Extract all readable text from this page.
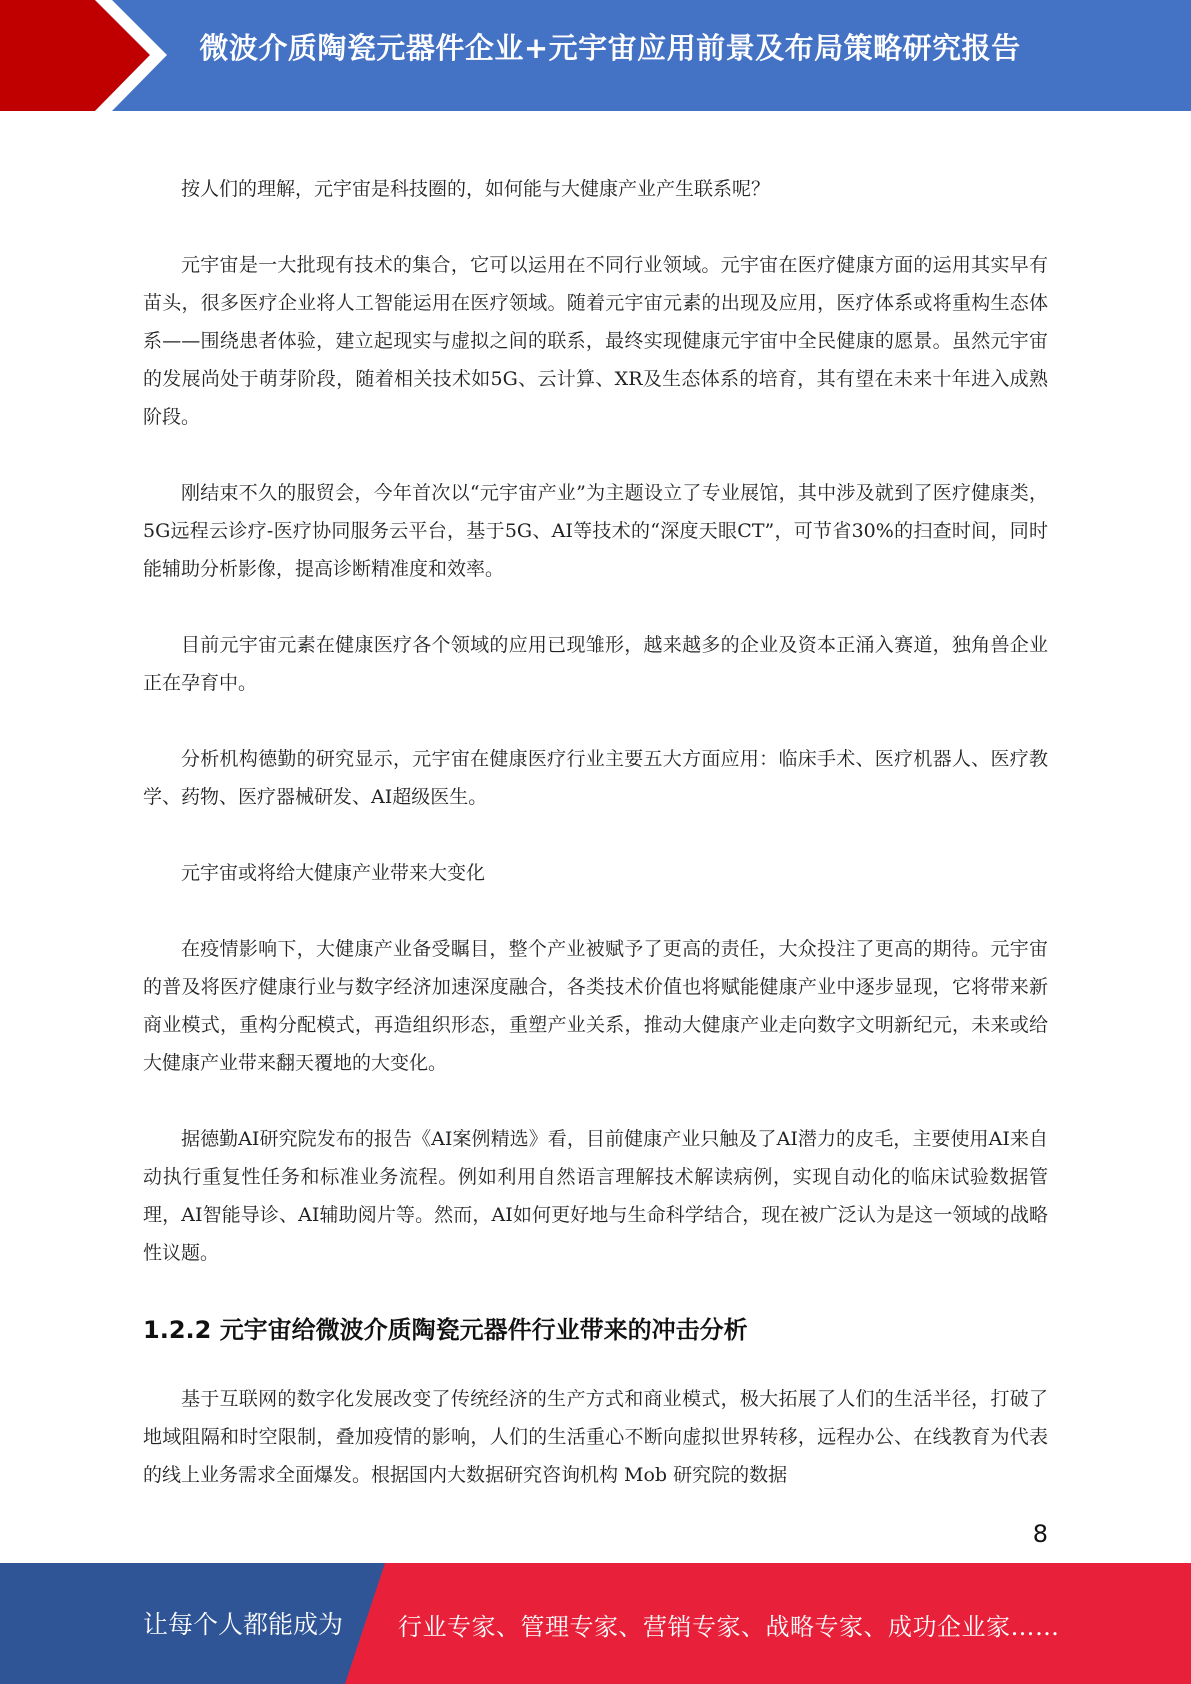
微波介质陶瓷元器件企业+元宇宙应用前景及布局策略研究报告

按人们的理解，元宇宙是科技圈的，如何能与大健康产业产生联系呢？

元宇宙是一大批现有技术的集合，它可以运用在不同行业领域。元宇宙在医疗健康方面的运用其实早有苗头，很多医疗企业将人工智能运用在医疗领域。随着元宇宙元素的出现及应用，医疗体系或将重构生态体系——围绕患者体验，建立起现实与虚拟之间的联系，最终实现健康元宇宙中全民健康的愿景。虽然元宇宙的发展尚处于萌芽阶段，随着相关技术如5G、云计算、XR及生态体系的培育，其有望在未来十年进入成熟阶段。

刚结束不久的服贸会，今年首次以“元宇宙产业”为主题设立了专业展馆，其中涉及就到了医疗健康类，5G远程云诊疗-医疗协同服务云平台，基于5G、AI等技术的“深度天眼CT”，可节省30%的扫查时间，同时能辅助分析影像，提高诊断精准度和效率。

目前元宇宙元素在健康医疗各个领域的应用已现雏形，越来越多的企业及资本正涌入赛道，独角兽企业正在孕育中。

分析机构德勤的研究显示，元宇宙在健康医疗行业主要五大方面应用：临床手术、医疗机器人、医疗教学、药物、医疗器械研发、AI超级医生。

元宇宙或将给大健康产业带来大变化

在疫情影响下，大健康产业备受瞩目，整个产业被赋予了更高的责任，大众投注了更高的期待。元宇宙的普及将医疗健康行业与数字经济加速深度融合，各类技术价值也将赋能健康产业中逐步显现，它将带来新商业模式，重构分配模式，再造组织形态，重塑产业关系，推动大健康产业走向数字文明新纪元，未来或给大健康产业带来翻天覆地的大变化。

据德勤AI研究院发布的报告《AI案例精选》看，目前健康产业只触及了AI潜力的皮毛，主要使用AI来自动执行重复性任务和标准业务流程。例如利用自然语言理解技术解读病例，实现自动化的临床试验数据管理，AI智能导诊、AI辅助阅片等。然而，AI如何更好地与生命科学结合，现在被广泛认为是这一领域的战略性议题。

1.2.2 元宇宙给微波介质陶瓷元器件行业带来的冲击分析

基于互联网的数字化发展改变了传统经济的生产方式和商业模式，极大拓展了人们的生活半径，打破了地域阻隔和时空限制，叠加疫情的影响，人们的生活重心不断向虚拟世界转移，远程办公、在线教育为代表的线上业务需求全面爆发。根据国内大数据研究咨询机构 Mob 研究院的数据

8
让每个人都能成为 行业专家、管理专家、营销专家、战略专家、成功企业家……
